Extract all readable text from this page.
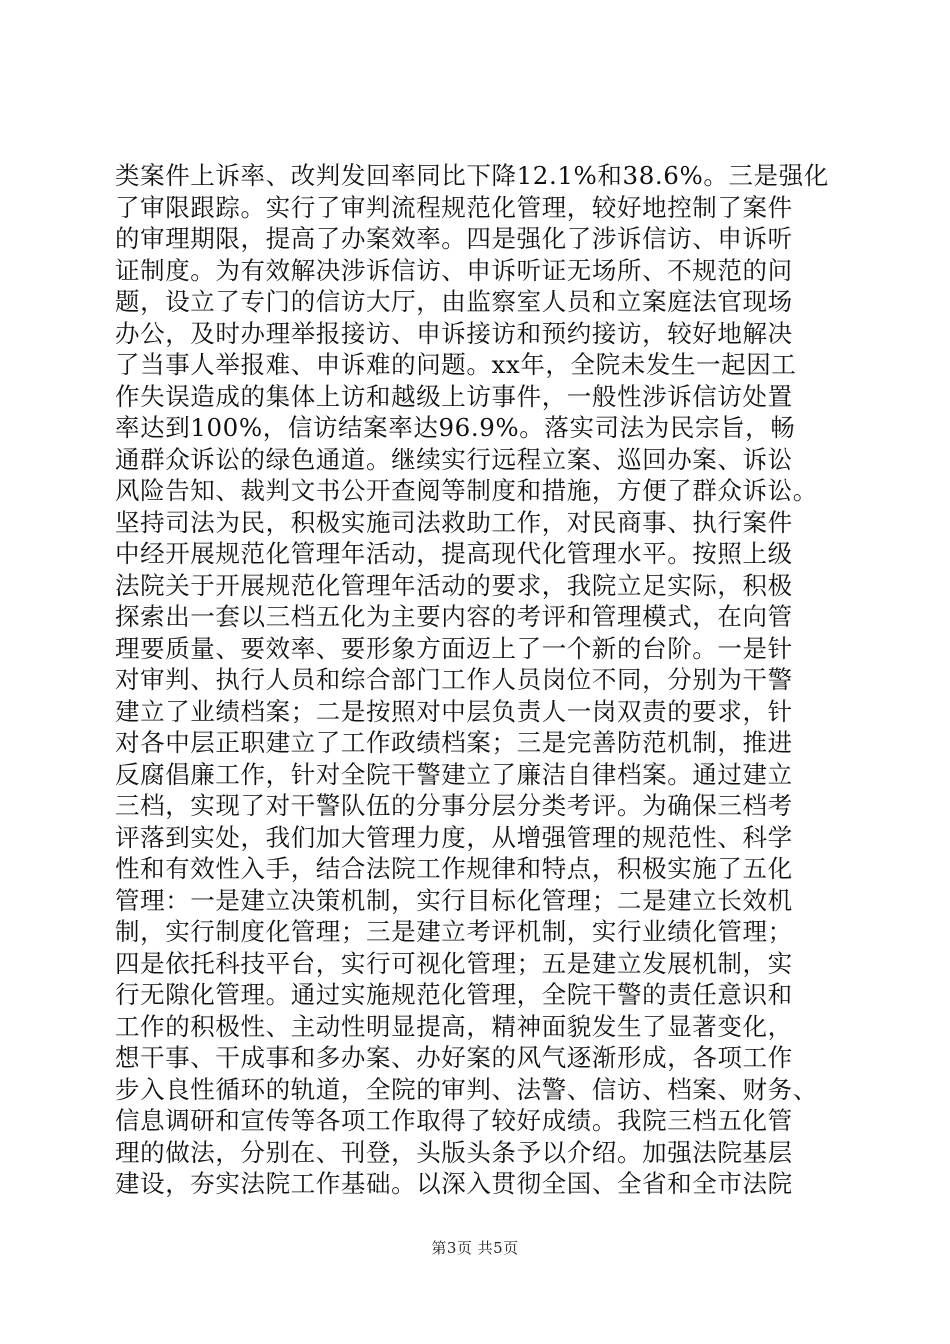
类案件上诉率、改判发回率同比下降12.1%和38.6%。三是强化
了审限跟踪。实行了审判流程规范化管理，较好地控制了案件
的审理期限，提高了办案效率。四是强化了涉诉信访、申诉听
证制度。为有效解决涉诉信访、申诉听证无场所、不规范的问
题，设立了专门的信访大厅，由监察室人员和立案庭法官现场
办公，及时办理举报接访、申诉接访和预约接访，较好地解决
了当事人举报难、申诉难的问题。xx年，全院未发生一起因工
作失误造成的集体上访和越级上访事件，一般性涉诉信访处置
率达到100%，信访结案率达96.9%。落实司法为民宗旨，畅
通群众诉讼的绿色通道。继续实行远程立案、巡回办案、诉讼
风险告知、裁判文书公开查阅等制度和措施，方便了群众诉讼。
坚持司法为民，积极实施司法救助工作，对民商事、执行案件
中经开展规范化管理年活动，提高现代化管理水平。按照上级
法院关于开展规范化管理年活动的要求，我院立足实际，积极
探索出一套以三档五化为主要内容的考评和管理模式，在向管
理要质量、要效率、要形象方面迈上了一个新的台阶。一是针
对审判、执行人员和综合部门工作人员岗位不同，分别为干警
建立了业绩档案；二是按照对中层负责人一岗双责的要求，针
对各中层正职建立了工作政绩档案；三是完善防范机制，推进
反腐倡廉工作，针对全院干警建立了廉洁自律档案。通过建立
三档，实现了对干警队伍的分事分层分类考评。为确保三档考
评落到实处，我们加大管理力度，从增强管理的规范性、科学
性和有效性入手，结合法院工作规律和特点，积极实施了五化
管理：一是建立决策机制，实行目标化管理；二是建立长效机
制，实行制度化管理；三是建立考评机制，实行业绩化管理；
四是依托科技平台，实行可视化管理；五是建立发展机制，实
行无隙化管理。通过实施规范化管理，全院干警的责任意识和
工作的积极性、主动性明显提高，精神面貌发生了显著变化，
想干事、干成事和多办案、办好案的风气逐渐形成，各项工作
步入良性循环的轨道，全院的审判、法警、信访、档案、财务、
信息调研和宣传等各项工作取得了较好成绩。我院三档五化管
理的做法，分别在、刊登，头版头条予以介绍。加强法院基层
建设，夯实法院工作基础。以深入贯彻全国、全省和全市法院
第3页 共5页
